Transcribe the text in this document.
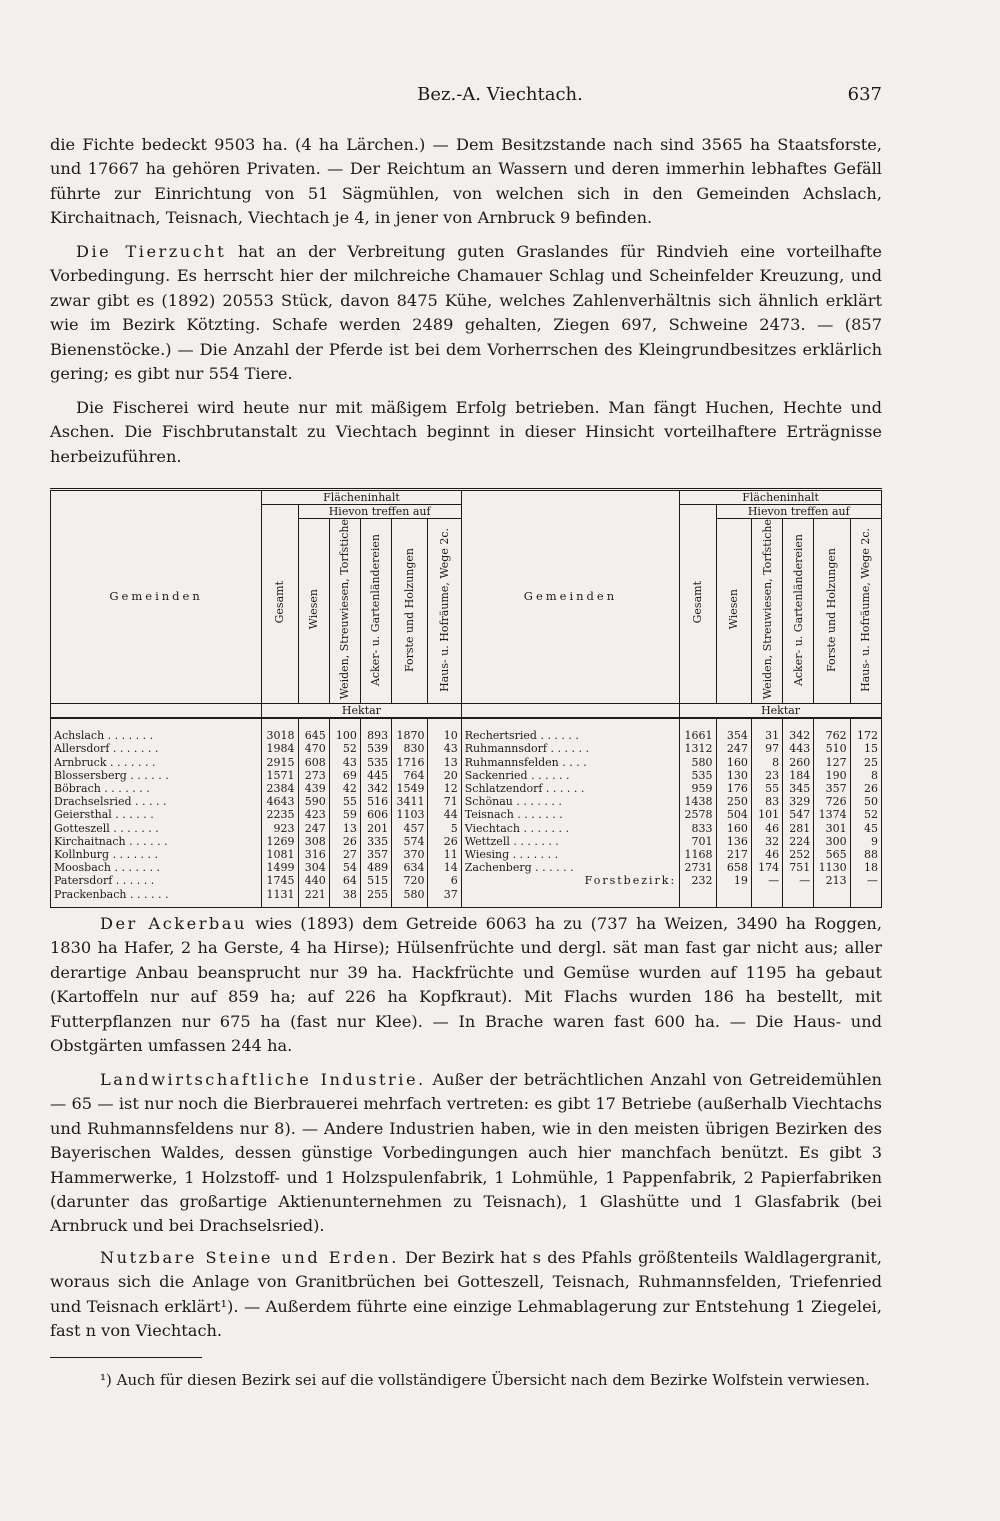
Bez.-A. Viechtach.	637

die Fichte bedeckt 9503 ha. (4 ha Lärchen.) — Dem Besitzstande nach sind 3565 ha Staatsforste, und 17667 ha gehören Privaten. — Der Reichtum an Wassern und deren immerhin lebhaftes Gefäll führte zur Einrichtung von 51 Sägmühlen, von welchen sich in den Gemeinden Achslach, Kirchaitnach, Teisnach, Viechtach je 4, in jener von Arnbruck 9 befinden.

Die Tierzucht hat an der Verbreitung guten Graslandes für Rindvieh eine vorteilhafte Vorbedingung. Es herrscht hier der milchreiche Chamauer Schlag und Scheinfelder Kreuzung, und zwar gibt es (1892) 20553 Stück, davon 8475 Kühe, welches Zahlenverhältnis sich ähnlich erklärt wie im Bezirk Kötzting. Schafe werden 2489 gehalten, Ziegen 697, Schweine 2473. — (857 Bienenstöcke.) — Die Anzahl der Pferde ist bei dem Vorherrschen des Kleingrundbesitzes erklärlich gering; es gibt nur 554 Tiere.

Die Fischerei wird heute nur mit mäßigem Erfolg betrieben. Man fängt Huchen, Hechte und Aschen. Die Fischbrutanstalt zu Viechtach beginnt in dieser Hinsicht vorteilhaftere Erträgnisse herbeizuführen.

Gemeinden	Flächeninhalt						Gemeinden	Flächeninhalt					
	Gesamt	Hievon treffen auf						Gesamt	Hievon treffen auf				
		Wiesen	Weiden, Streuwiesen, Torfstiche	Acker- u. Gartenländereien	Forste und Holzungen	Haus- u. Hofräume, Wege 2c.			Wiesen	Weiden, Streuwiesen, Torfstiche	Acker- u. Gartenländereien	Forste und Holzungen	Haus- u. Hofräume, Wege 2c.
	Hektar							Hektar					
Achslach . . . . . . .	3018	645	100	893	1870	10	Rechertsried . . . . . .	1661	354	31	342	762	172
Allersdorf . . . . . . .	1984	470	52	539	830	43	Ruhmannsdorf . . . . . .	1312	247	97	443	510	15
Arnbruck . . . . . . .	2915	608	43	535	1716	13	Ruhmannsfelden . . . .	580	160	8	260	127	25
Blossersberg . . . . . .	1571	273	69	445	764	20	Sackenried . . . . . .	535	130	23	184	190	8
Böbrach . . . . . . .	2384	439	42	342	1549	12	Schlatzendorf . . . . . .	959	176	55	345	357	26
Drachselsried . . . . .	4643	590	55	516	3411	71	Schönau . . . . . . .	1438	250	83	329	726	50
Geiersthal . . . . . .	2235	423	59	606	1103	44	Teisnach . . . . . . .	2578	504	101	547	1374	52
Gotteszell . . . . . . .	923	247	13	201	457	5	Viechtach . . . . . . .	833	160	46	281	301	45
Kirchaitnach . . . . . .	1269	308	26	335	574	26	Wettzell . . . . . . .	701	136	32	224	300	9
Kollnburg . . . . . . .	1081	316	27	357	370	11	Wiesing . . . . . . .	1168	217	46	252	565	88
Moosbach . . . . . . .	1499	304	54	489	634	14	Zachenberg . . . . . .	2731	658	174	751	1130	18
Patersdorf . . . . . .	1745	440	64	515	720	6	Forstbezirk:	232	19	—	—	213	—
Prackenbach . . . . . .	1131	221	38	255	580	37							

Der Ackerbau wies (1893) dem Getreide 6063 ha zu (737 ha Weizen, 3490 ha Roggen, 1830 ha Hafer, 2 ha Gerste, 4 ha Hirse); Hülsenfrüchte und dergl. sät man fast gar nicht aus; aller derartige Anbau beansprucht nur 39 ha. Hackfrüchte und Gemüse wurden auf 1195 ha gebaut (Kartoffeln nur auf 859 ha; auf 226 ha Kopfkraut). Mit Flachs wurden 186 ha bestellt, mit Futterpflanzen nur 675 ha (fast nur Klee). — In Brache waren fast 600 ha. — Die Haus- und Obstgärten umfassen 244 ha.

Landwirtschaftliche Industrie. Außer der beträchtlichen Anzahl von Getreidemühlen — 65 — ist nur noch die Bierbrauerei mehrfach vertreten: es gibt 17 Betriebe (außerhalb Viechtachs und Ruhmannsfeldens nur 8). — Andere Industrien haben, wie in den meisten übrigen Bezirken des Bayerischen Waldes, dessen günstige Vorbedingungen auch hier manchfach benützt. Es gibt 3 Hammerwerke, 1 Holzstoff- und 1 Holzspulenfabrik, 1 Lohmühle, 1 Pappenfabrik, 2 Papierfabriken (darunter das großartige Aktienunternehmen zu Teisnach), 1 Glashütte und 1 Glasfabrik (bei Arnbruck und bei Drachselsried).

Nutzbare Steine und Erden. Der Bezirk hat s des Pfahls größtenteils Waldlagergranit, woraus sich die Anlage von Granitbrüchen bei Gotteszell, Teisnach, Ruhmannsfelden, Triefenried und Teisnach erklärt¹). — Außerdem führte eine einzige Lehmablagerung zur Entstehung 1 Ziegelei, fast n von Viechtach.

¹) Auch für diesen Bezirk sei auf die vollständigere Übersicht nach dem Bezirke Wolfstein verwiesen.
